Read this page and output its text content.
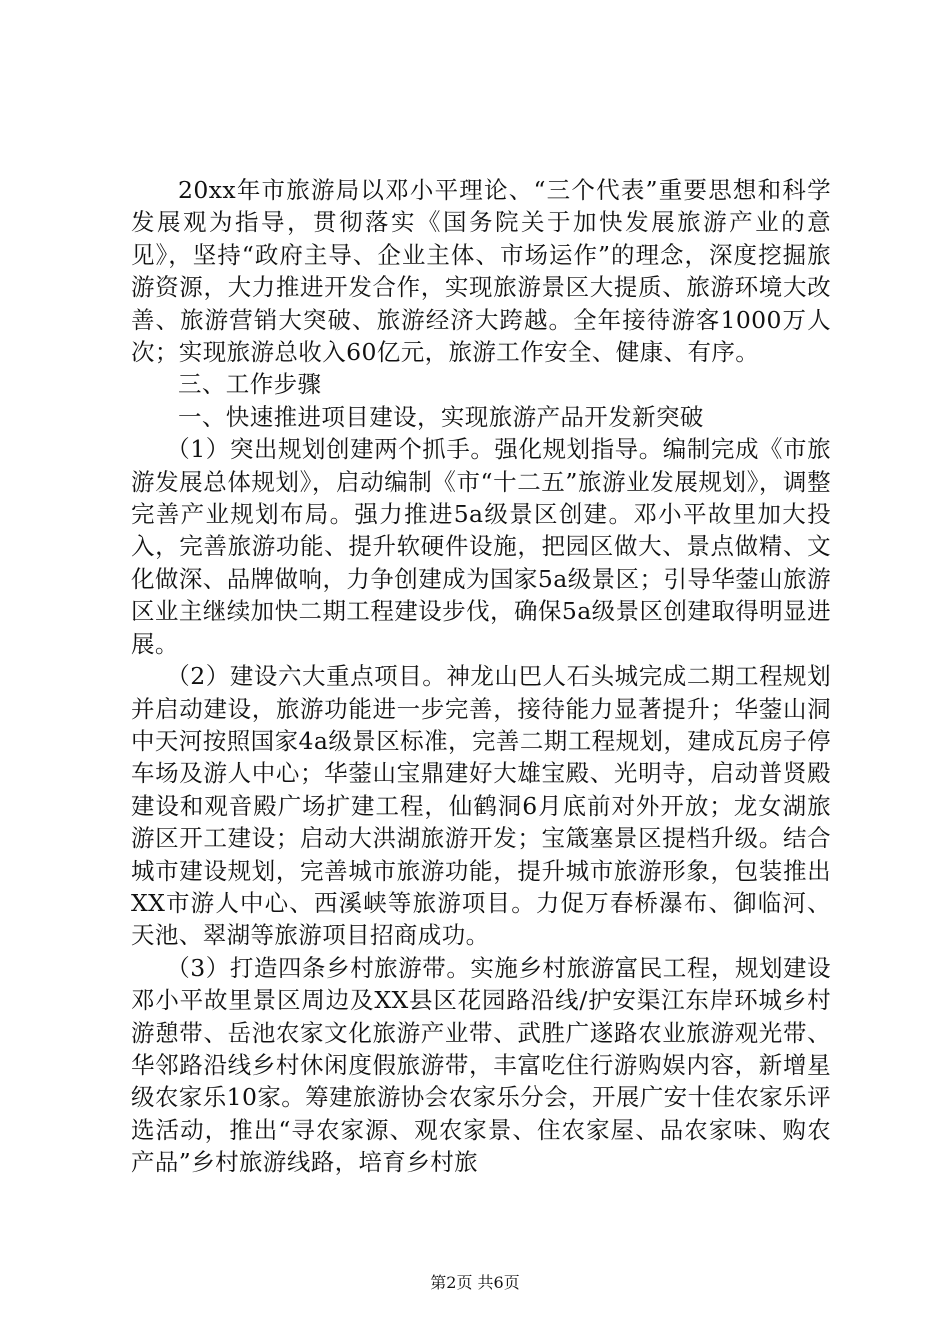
20xx年市旅游局以邓小平理论、“三个代表”重要思想和科学发展观为指导，贯彻落实《国务院关于加快发展旅游产业的意见》，坚持“政府主导、企业主体、市场运作”的理念，深度挖掘旅游资源，大力推进开发合作，实现旅游景区大提质、旅游环境大改善、旅游营销大突破、旅游经济大跨越。全年接待游客1000万人次；实现旅游总收入60亿元，旅游工作安全、健康、有序。

三、工作步骤

一、快速推进项目建设，实现旅游产品开发新突破

（1）突出规划创建两个抓手。强化规划指导。编制完成《市旅游发展总体规划》，启动编制《市“十二五”旅游业发展规划》，调整完善产业规划布局。强力推进5a级景区创建。邓小平故里加大投入，完善旅游功能、提升软硬件设施，把园区做大、景点做精、文化做深、品牌做响，力争创建成为国家5a级景区；引导华蓥山旅游区业主继续加快二期工程建设步伐，确保5a级景区创建取得明显进展。

（2）建设六大重点项目。神龙山巴人石头城完成二期工程规划并启动建设，旅游功能进一步完善，接待能力显著提升；华蓥山洞中天河按照国家4a级景区标准，完善二期工程规划，建成瓦房子停车场及游人中心；华蓥山宝鼎建好大雄宝殿、光明寺，启动普贤殿建设和观音殿广场扩建工程，仙鹤洞6月底前对外开放；龙女湖旅游区开工建设；启动大洪湖旅游开发；宝箴塞景区提档升级。结合城市建设规划，完善城市旅游功能，提升城市旅游形象，包装推出XX市游人中心、西溪峡等旅游项目。力促万春桥瀑布、御临河、天池、翠湖等旅游项目招商成功。

（3）打造四条乡村旅游带。实施乡村旅游富民工程，规划建设邓小平故里景区周边及XX县区花园路沿线/护安渠江东岸环城乡村游憩带、岳池农家文化旅游产业带、武胜广遂路农业旅游观光带、华邻路沿线乡村休闲度假旅游带，丰富吃住行游购娱内容，新增星级农家乐10家。筹建旅游协会农家乐分会，开展广安十佳农家乐评选活动，推出“寻农家源、观农家景、住农家屋、品农家味、购农产品”乡村旅游线路，培育乡村旅

第2页 共6页
